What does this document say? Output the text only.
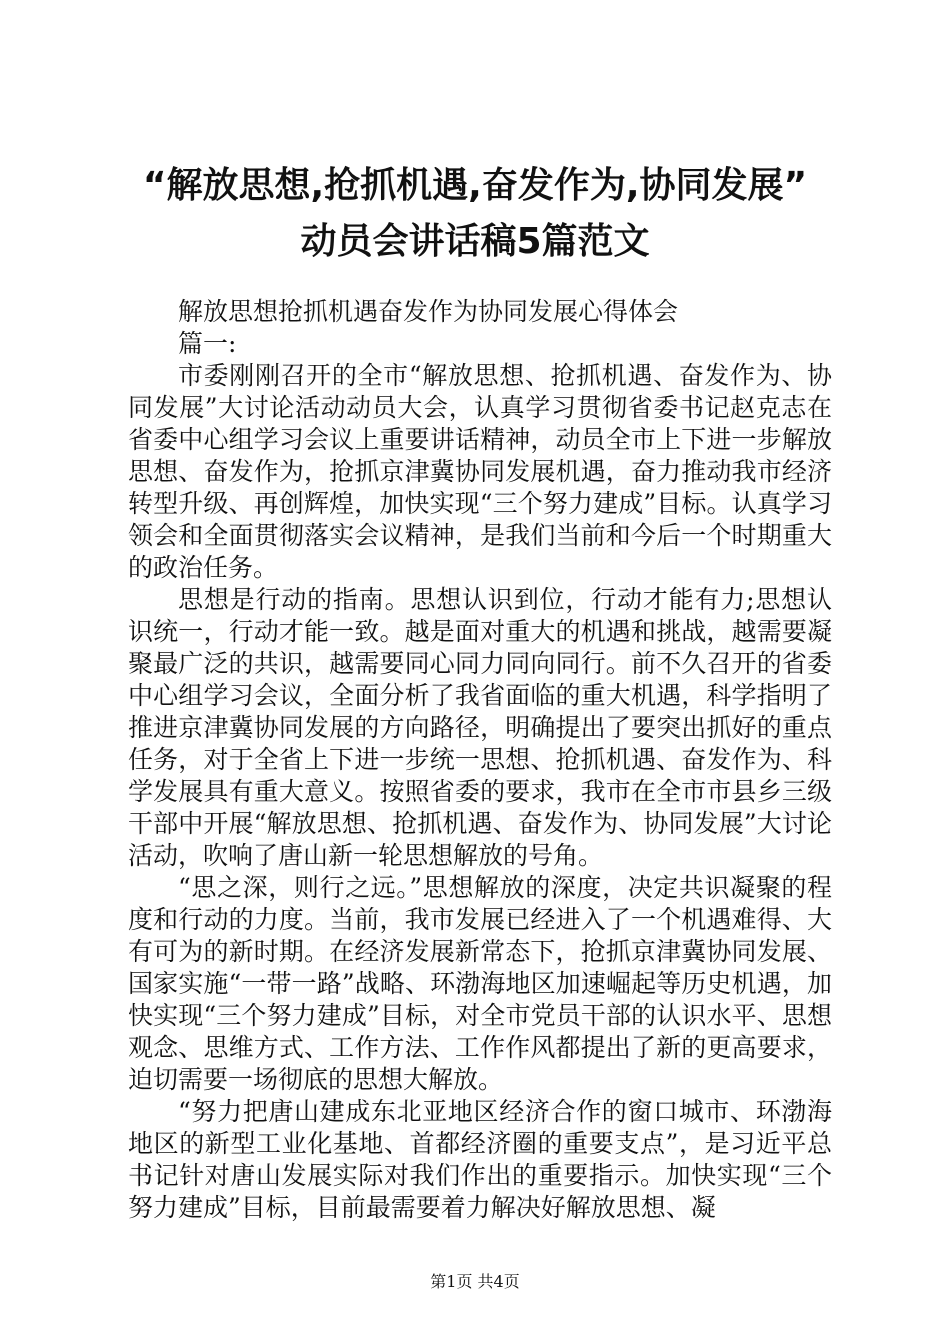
“解放思想,抢抓机遇,奋发作为,协同发展”
动员会讲话稿5篇范文

解放思想抢抓机遇奋发作为协同发展心得体会

篇一:

市委刚刚召开的全市“解放思想、抢抓机遇、奋发作为、协同发展”大讨论活动动员大会，认真学习贯彻省委书记赵克志在省委中心组学习会议上重要讲话精神，动员全市上下进一步解放思想、奋发作为，抢抓京津冀协同发展机遇，奋力推动我市经济转型升级、再创辉煌，加快实现“三个努力建成”目标。认真学习领会和全面贯彻落实会议精神，是我们当前和今后一个时期重大的政治任务。

思想是行动的指南。思想认识到位，行动才能有力;思想认识统一，行动才能一致。越是面对重大的机遇和挑战，越需要凝聚最广泛的共识，越需要同心同力同向同行。前不久召开的省委中心组学习会议，全面分析了我省面临的重大机遇，科学指明了推进京津冀协同发展的方向路径，明确提出了要突出抓好的重点任务，对于全省上下进一步统一思想、抢抓机遇、奋发作为、科学发展具有重大意义。按照省委的要求，我市在全市市县乡三级干部中开展“解放思想、抢抓机遇、奋发作为、协同发展”大讨论活动，吹响了唐山新一轮思想解放的号角。

“思之深，则行之远。”思想解放的深度，决定共识凝聚的程度和行动的力度。当前，我市发展已经进入了一个机遇难得、大有可为的新时期。在经济发展新常态下，抢抓京津冀协同发展、国家实施“一带一路”战略、环渤海地区加速崛起等历史机遇，加快实现“三个努力建成”目标，对全市党员干部的认识水平、思想观念、思维方式、工作方法、工作作风都提出了新的更高要求，迫切需要一场彻底的思想大解放。

“努力把唐山建成东北亚地区经济合作的窗口城市、环渤海地区的新型工业化基地、首都经济圈的重要支点”，是习近平总书记针对唐山发展实际对我们作出的重要指示。加快实现“三个努力建成”目标，目前最需要着力解决好解放思想、凝

第1页 共4页
